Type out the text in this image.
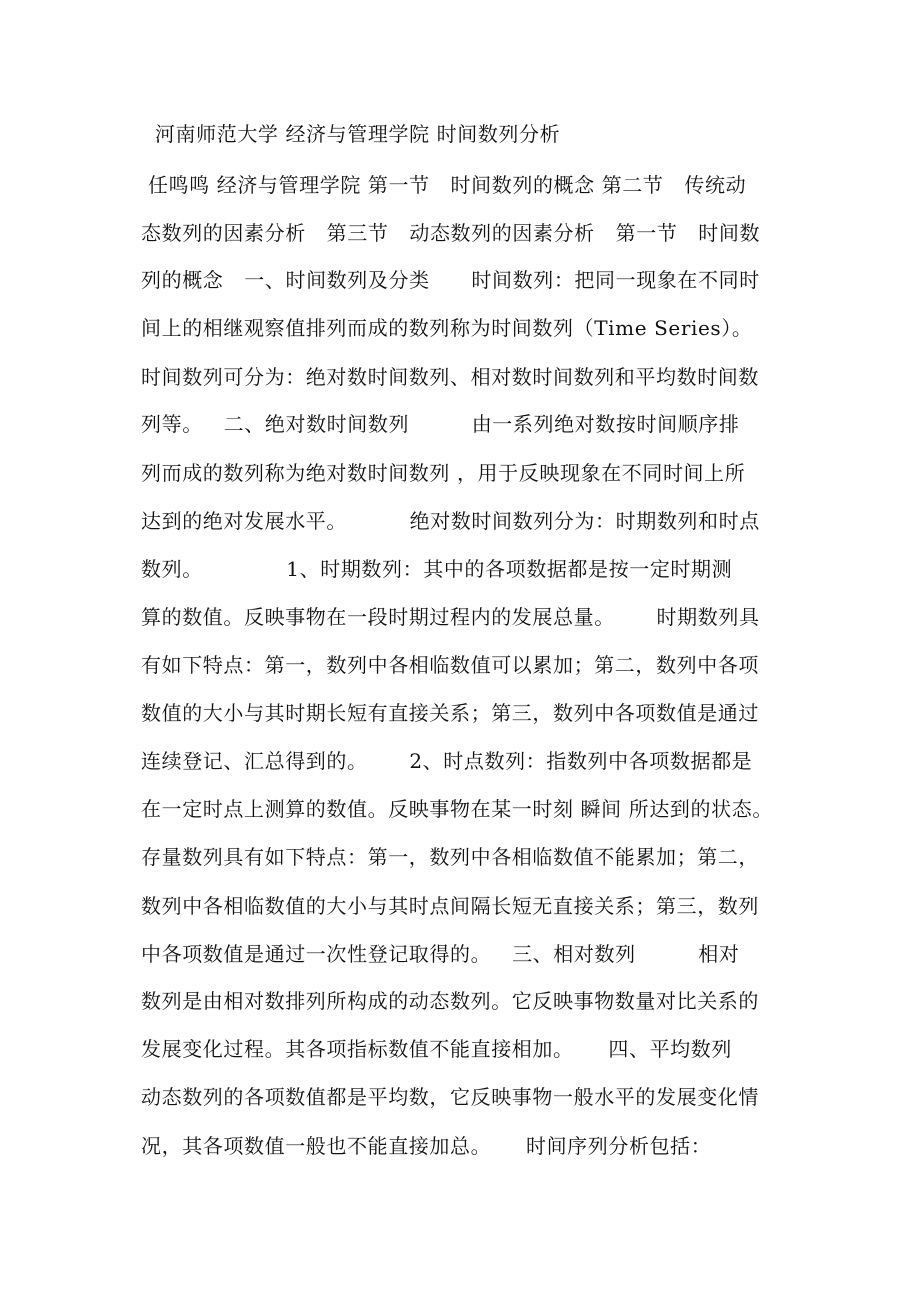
河南师范大学 经济与管理学院 时间数列分析
任鸣鸣 经济与管理学院 第一节   时间数列的概念 第二节   传统动
态数列的因素分析   第三节   动态数列的因素分析   第一节   时间数
列的概念   一、时间数列及分类      时间数列：把同一现象在不同时
间上的相继观察值排列而成的数列称为时间数列（Time Series）。
时间数列可分为：绝对数时间数列、相对数时间数列和平均数时间数
列等。   二、绝对数时间数列         由一系列绝对数按时间顺序排
列而成的数列称为绝对数时间数列 ，用于反映现象在不同时间上所
达到的绝对发展水平。         绝对数时间数列分为：时期数列和时点
数列。            1、时期数列：其中的各项数据都是按一定时期测
算的数值。反映事物在一段时期过程内的发展总量。      时期数列具
有如下特点：第一，数列中各相临数值可以累加；第二，数列中各项
数值的大小与其时期长短有直接关系；第三，数列中各项数值是通过
连续登记、汇总得到的。      2、时点数列：指数列中各项数据都是
在一定时点上测算的数值。反映事物在某一时刻 瞬间 所达到的状态。
存量数列具有如下特点：第一，数列中各相临数值不能累加；第二，
数列中各相临数值的大小与其时点间隔长短无直接关系；第三，数列
中各项数值是通过一次性登记取得的。   三、相对数列         相对
数列是由相对数排列所构成的动态数列。它反映事物数量对比关系的
发展变化过程。其各项指标数值不能直接相加。     四、平均数列
动态数列的各项数值都是平均数，它反映事物一般水平的发展变化情
况，其各项数值一般也不能直接加总。     时间序列分析包括：
